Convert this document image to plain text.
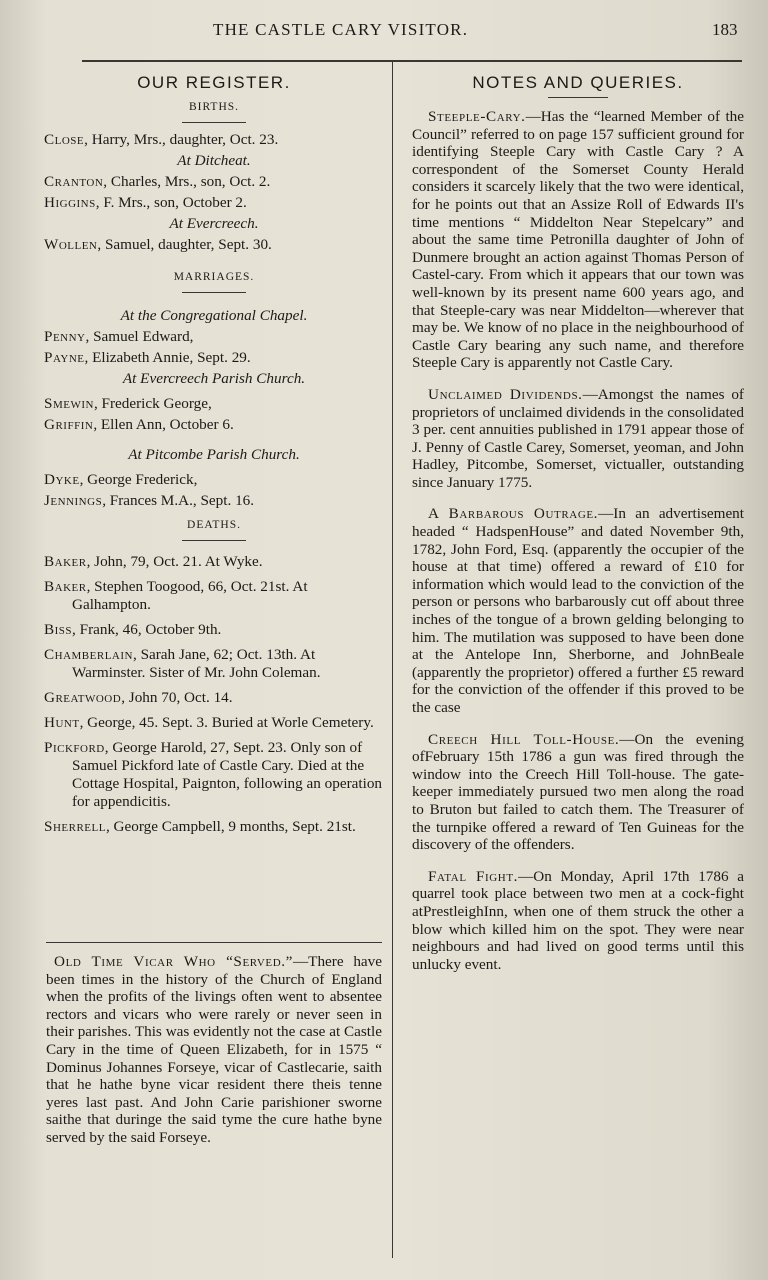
THE CASTLE CARY VISITOR.	183
OUR REGISTER.
BIRTHS.
Close, Harry, Mrs., daughter, Oct. 23.
At Ditcheat.
Cranton, Charles, Mrs., son, Oct. 2.
Higgins, F. Mrs., son, October 2.
At Evercreech.
Wollen, Samuel, daughter, Sept. 30.
MARRIAGES.
At the Congregational Chapel.
Penny, Samuel Edward,
Payne, Elizabeth Annie, Sept. 29.
At Evercreech Parish Church.
Smewin, Frederick George,
Griffin, Ellen Ann, October 6.
At Pitcombe Parish Church.
Dyke, George Frederick,
Jennings, Frances M.A., Sept. 16.
DEATHS.
Baker, John, 79, Oct. 21. At Wyke.
Baker, Stephen Toogood, 66, Oct. 21st. At Galhampton.
Biss, Frank, 46, October 9th.
Chamberlain, Sarah Jane, 62; Oct. 13th. At Warminster. Sister of Mr. John Coleman.
Greatwood, John 70, Oct. 14.
Hunt, George, 45. Sept. 3. Buried at Worle Cemetery.
Pickford, George Harold, 27, Sept. 23. Only son of Samuel Pickford late of Castle Cary. Died at the Cottage Hospital, Paignton, following an operation for appendicitis.
Sherrell, George Campbell, 9 months, Sept. 21st.

Old Time Vicar Who “Served.”—There have been times in the history of the Church of England when the profits of the livings often went to absentee rectors and vicars who were rarely or never seen in their parishes. This was evidently not the case at Castle Cary in the time of Queen Elizabeth, for in 1575 “ Dominus Johannes Forseye, vicar of Castlecarie, saith that he hathe byne vicar resident there theis tenne yeres last past. And John Carie parishioner sworne saithe that duringe the said tyme the cure hathe byne served by the said Forseye.

NOTES AND QUERIES.

Steeple-Cary.—Has the “learned Member of the Council” referred to on page 157 sufficient ground for identifying Steeple Cary with Castle Cary ? A correspondent of the Somerset County Herald considers it scarcely likely that the two were identical, for he points out that an Assize Roll of Edwards II's time mentions “ Middelton Near Stepelcary” and about the same time Petronilla daughter of John of Dunmere brought an action against Thomas Person of Castel-cary. From which it appears that our town was well-known by its present name 600 years ago, and that Steeple-cary was near Middelton—wherever that may be. We know of no place in the neighbourhood of Castle Cary bearing any such name, and therefore Steeple Cary is apparently not Castle Cary.

Unclaimed Dividends.—Amongst the names of proprietors of unclaimed dividends in the consolidated 3 per. cent annuities published in 1791 appear those of J. Penny of Castle Carey, Somerset, yeoman, and John Hadley, Pitcombe, Somerset, victualler, outstanding since January 1775.

A Barbarous Outrage.—In an advertisement headed “ HadspenHouse” and dated November 9th, 1782, John Ford, Esq. (apparently the occupier of the house at that time) offered a reward of £10 for information which would lead to the conviction of the person or persons who barbarously cut off about three inches of the tongue of a brown gelding belonging to him. The mutilation was supposed to have been done at the Antelope Inn, Sherborne, and JohnBeale (apparently the proprietor) offered a further £5 reward for the conviction of the offender if this proved to be the case

Creech Hill Toll-House.—On the evening ofFebruary 15th 1786 a gun was fired through the window into the Creech Hill Toll-house. The gate-keeper immediately pursued two men along the road to Bruton but failed to catch them. The Treasurer of the turnpike offered a reward of Ten Guineas for the discovery of the offenders.

Fatal Fight.—On Monday, April 17th 1786 a quarrel took place between two men at a cock-fight atPrestleighInn, when one of them struck the other a blow which killed him on the spot. They were near neighbours and had lived on good terms until this unlucky event.
